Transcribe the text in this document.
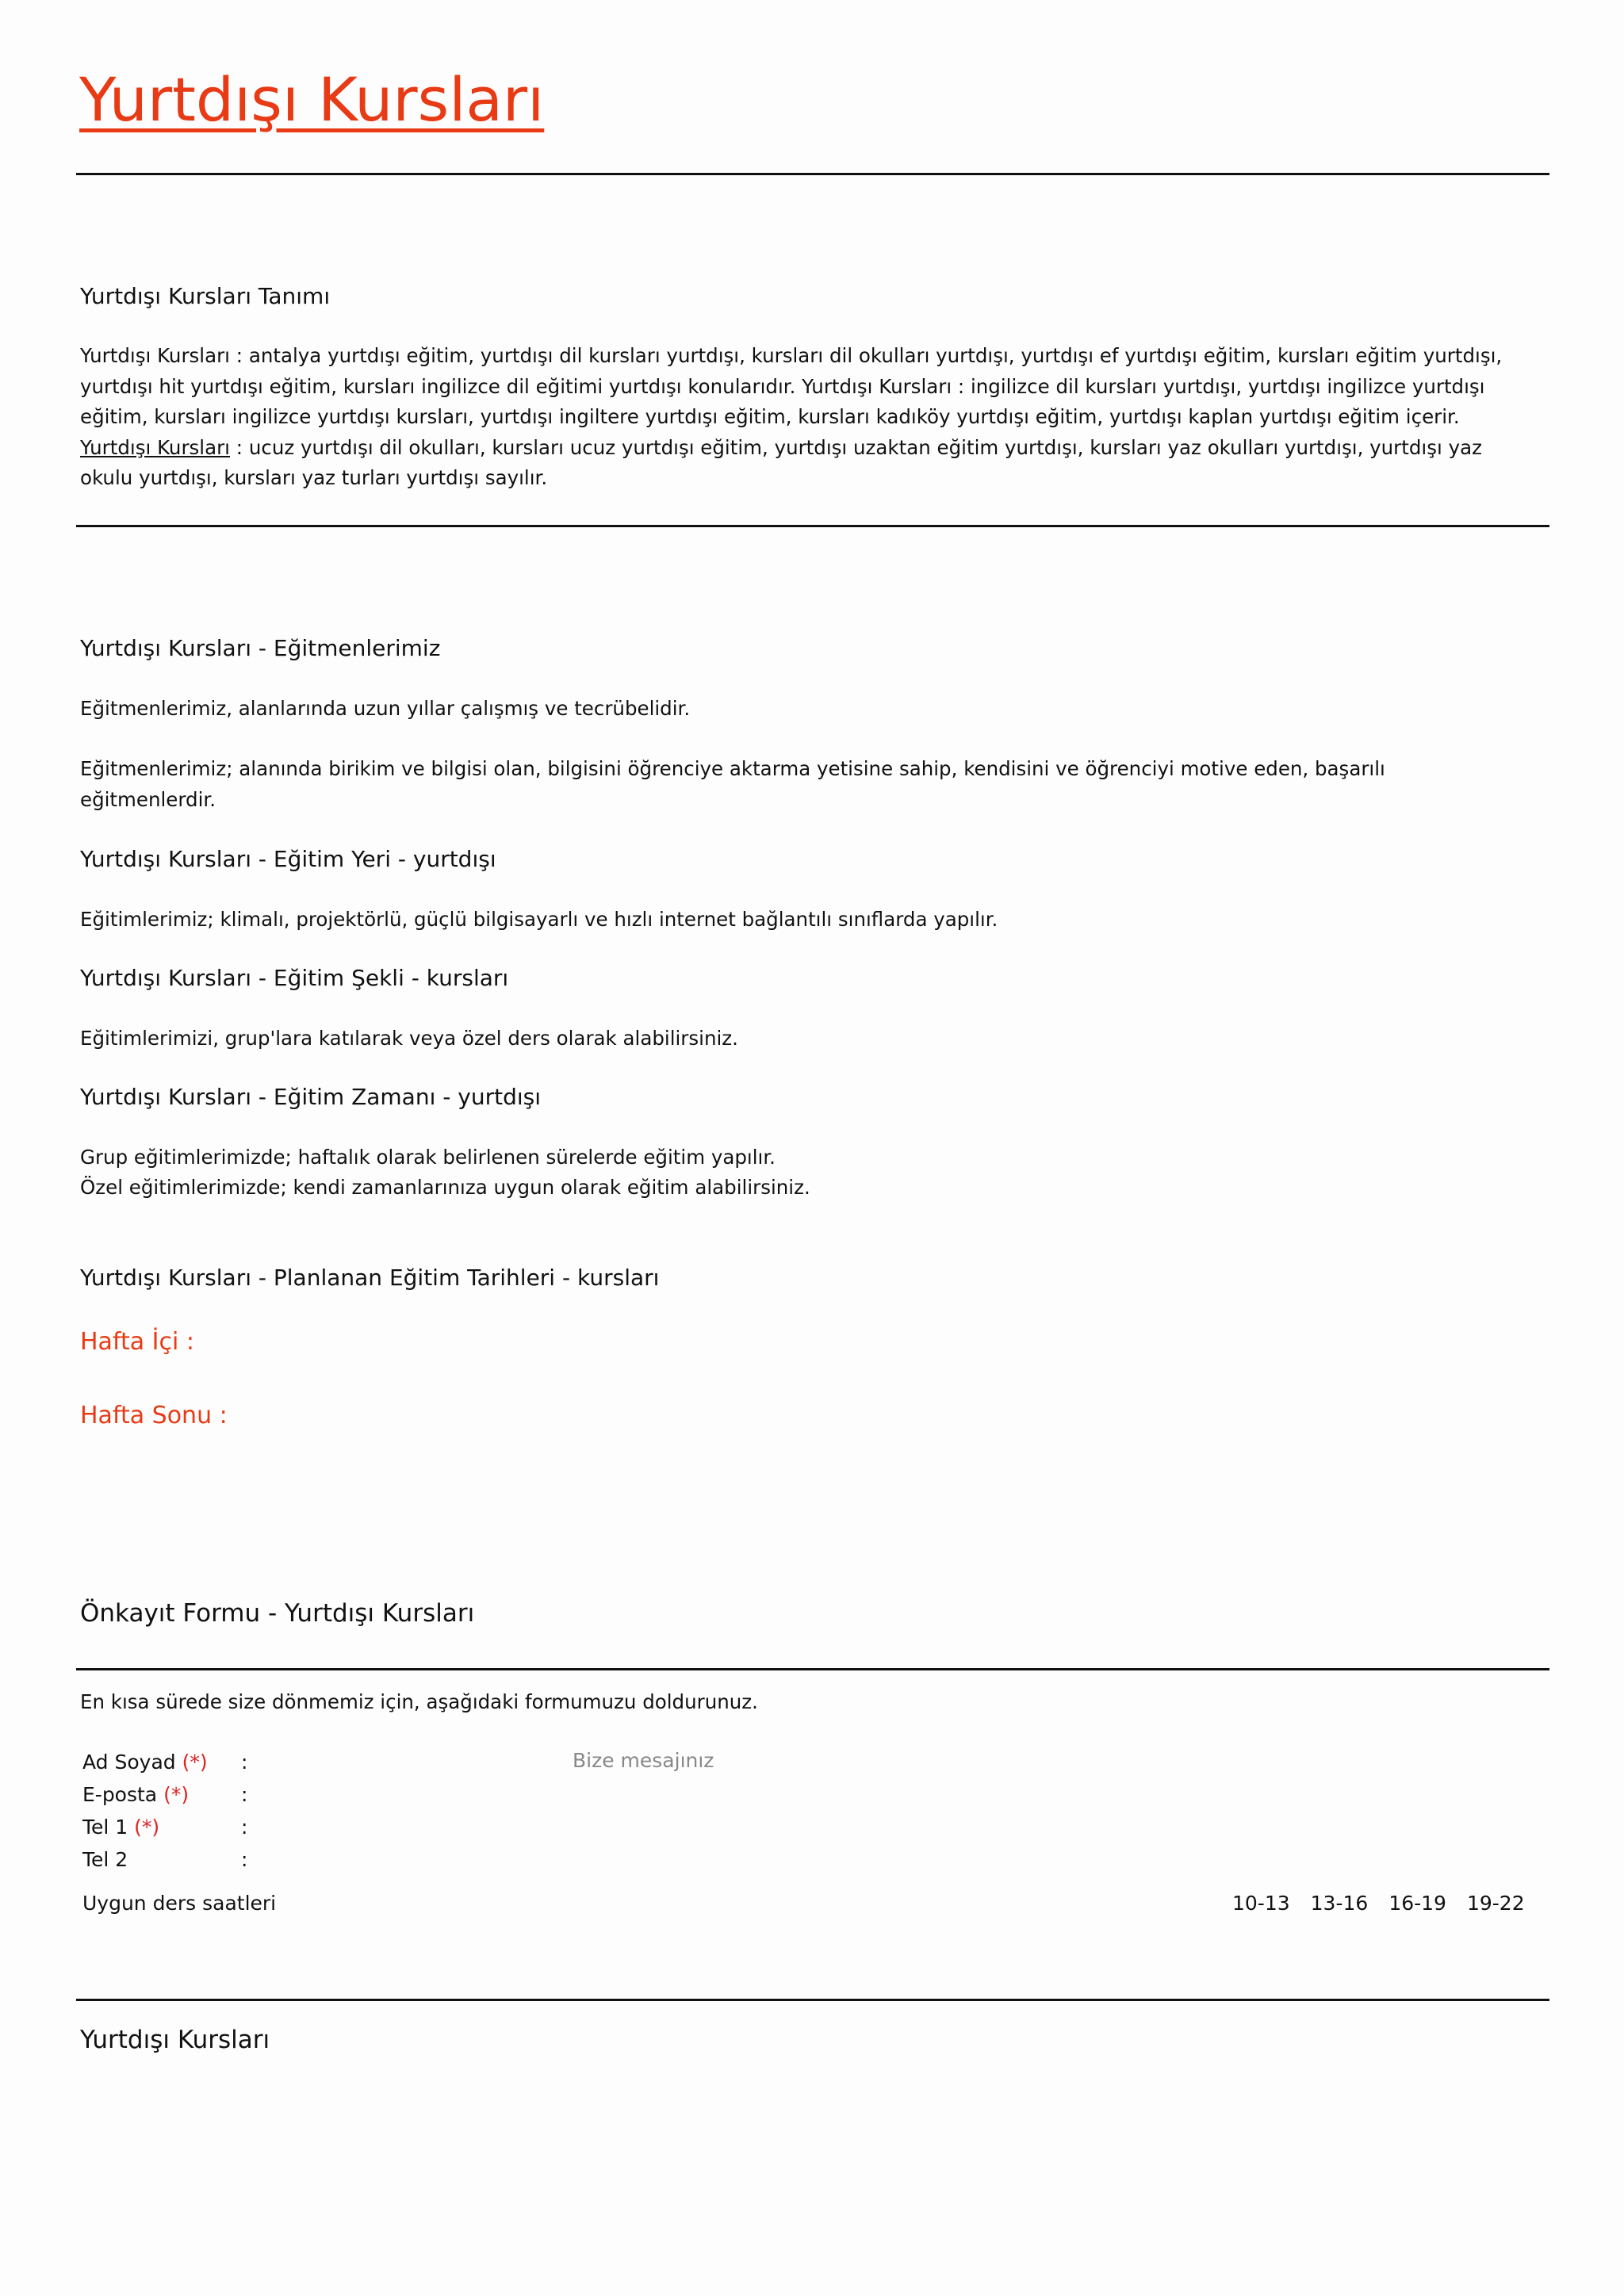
Yurtdışı Kursları
Yurtdışı Kursları Tanımı
Yurtdışı Kursları : antalya yurtdışı eğitim, yurtdışı dil kursları yurtdışı, kursları dil okulları yurtdışı, yurtdışı ef yurtdışı eğitim, kursları eğitim yurtdışı, yurtdışı hit yurtdışı eğitim, kursları ingilizce dil eğitimi yurtdışı konularıdır. Yurtdışı Kursları : ingilizce dil kursları yurtdışı, yurtdışı ingilizce yurtdışı eğitim, kursları ingilizce yurtdışı kursları, yurtdışı ingiltere yurtdışı eğitim, kursları kadıköy yurtdışı eğitim, yurtdışı kaplan yurtdışı eğitim içerir. Yurtdışı Kursları : ucuz yurtdışı dil okulları, kursları ucuz yurtdışı eğitim, yurtdışı uzaktan eğitim yurtdışı, kursları yaz okulları yurtdışı, yurtdışı yaz okulu yurtdışı, kursları yaz turları yurtdışı sayılır.
Yurtdışı Kursları - Eğitmenlerimiz
Eğitmenlerimiz, alanlarında uzun yıllar çalışmış ve tecrübelidir.
Eğitmenlerimiz; alanında birikim ve bilgisi olan, bilgisini öğrenciye aktarma yetisine sahip, kendisini ve öğrenciyi motive eden, başarılı eğitmenlerdir.
Yurtdışı Kursları - Eğitim Yeri - yurtdışı
Eğitimlerimiz; klimalı, projektörlü, güçlü bilgisayarlı ve hızlı internet bağlantılı sınıflarda yapılır.
Yurtdışı Kursları - Eğitim Şekli - kursları
Eğitimlerimizi, grup'lara katılarak veya özel ders olarak alabilirsiniz.
Yurtdışı Kursları - Eğitim Zamanı - yurtdışı
Grup eğitimlerimizde; haftalık olarak belirlenen sürelerde eğitim yapılır.
Özel eğitimlerimizde; kendi zamanlarınıza uygun olarak eğitim alabilirsiniz.
Yurtdışı Kursları - Planlanan Eğitim Tarihleri - kursları
Hafta İçi :
Hafta Sonu :
Önkayıt Formu - Yurtdışı Kursları
En kısa sürede size dönmemiz için, aşağıdaki formumuzu doldurunuz.
Ad Soyad (*) :
E-posta (*)	:
Tel 1 (*)	:
Tel 2	:
Bize mesajınız
Uygun ders saatleri	10-13 13-16 16-19 19-22
Yurtdışı Kursları
